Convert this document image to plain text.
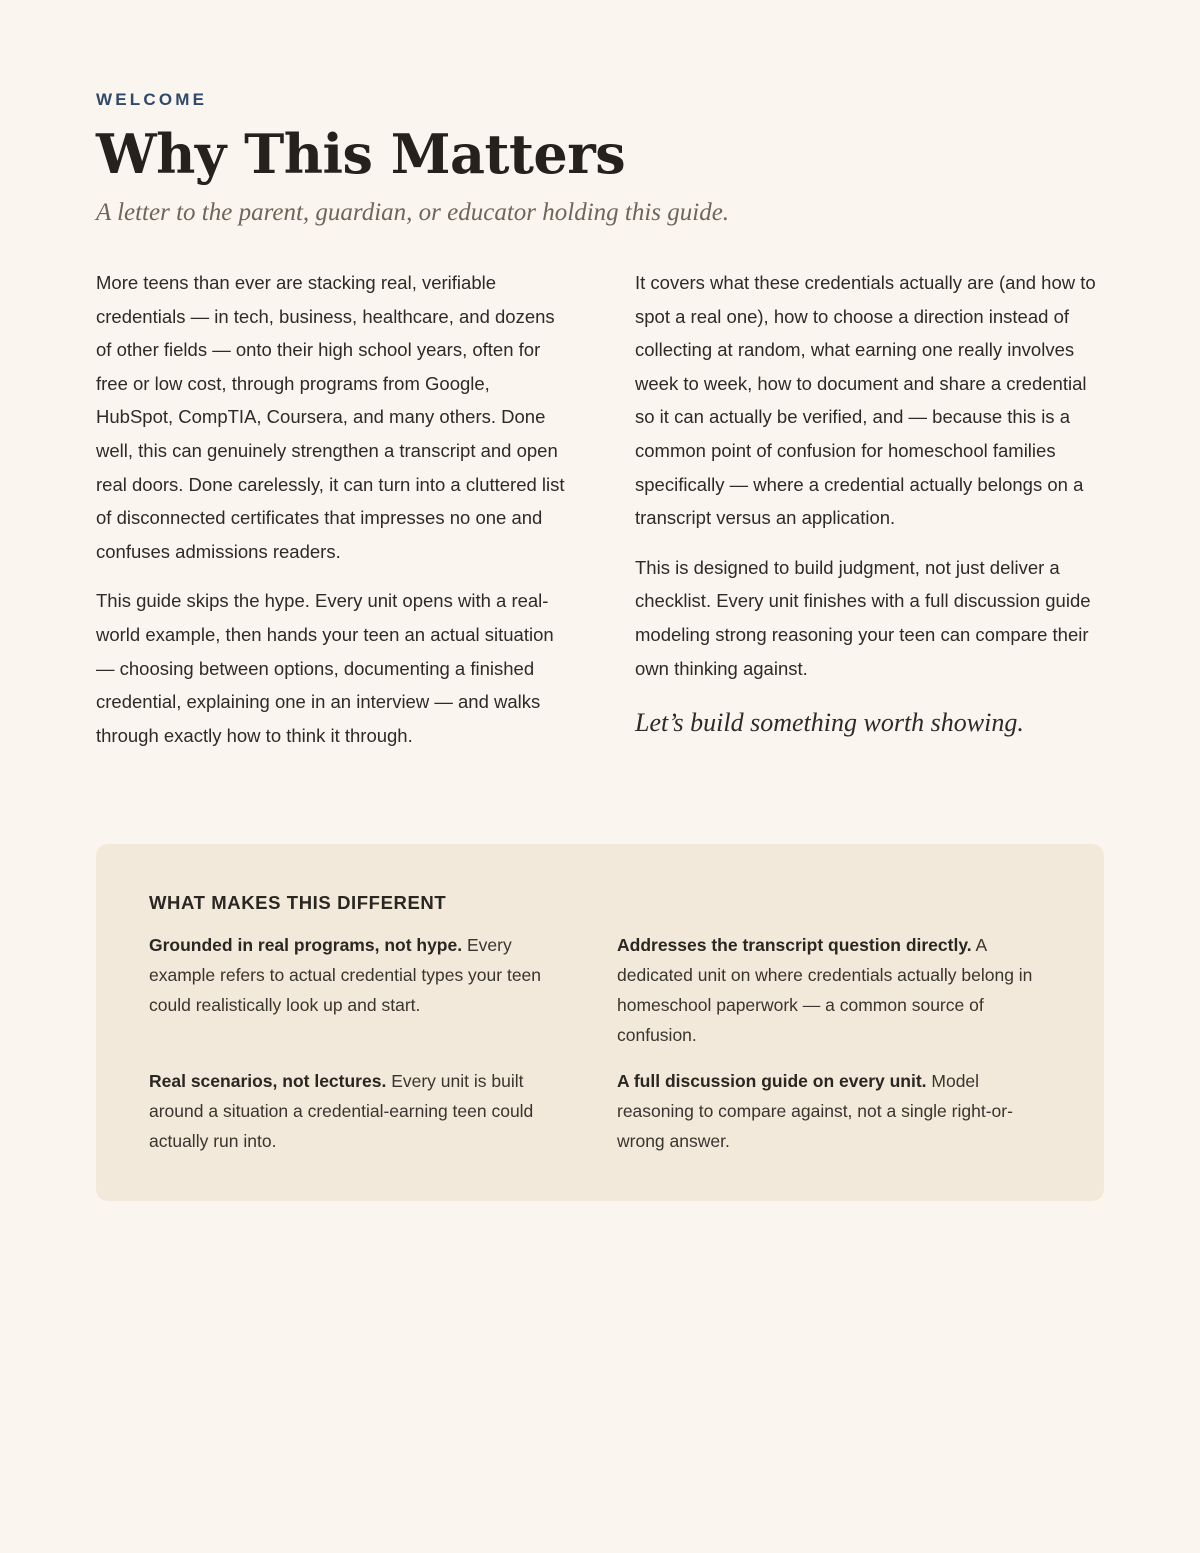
WELCOME

Why This Matters

A letter to the parent, guardian, or educator holding this guide.

More teens than ever are stacking real, verifiable credentials — in tech, business, healthcare, and dozens of other fields — onto their high school years, often for free or low cost, through programs from Google, HubSpot, CompTIA, Coursera, and many others. Done well, this can genuinely strengthen a transcript and open real doors. Done carelessly, it can turn into a cluttered list of disconnected certificates that impresses no one and confuses admissions readers.

This guide skips the hype. Every unit opens with a real-world example, then hands your teen an actual situation — choosing between options, documenting a finished credential, explaining one in an interview — and walks through exactly how to think it through.

It covers what these credentials actually are (and how to spot a real one), how to choose a direction instead of collecting at random, what earning one really involves week to week, how to document and share a credential so it can actually be verified, and — because this is a common point of confusion for homeschool families specifically — where a credential actually belongs on a transcript versus an application.

This is designed to build judgment, not just deliver a checklist. Every unit finishes with a full discussion guide modeling strong reasoning your teen can compare their own thinking against.

Let’s build something worth showing.

WHAT MAKES THIS DIFFERENT

Grounded in real programs, not hype. Every example refers to actual credential types your teen could realistically look up and start.

Addresses the transcript question directly. A dedicated unit on where credentials actually belong in homeschool paperwork — a common source of confusion.

Real scenarios, not lectures. Every unit is built around a situation a credential-earning teen could actually run into.

A full discussion guide on every unit. Model reasoning to compare against, not a single right-or-wrong answer.
